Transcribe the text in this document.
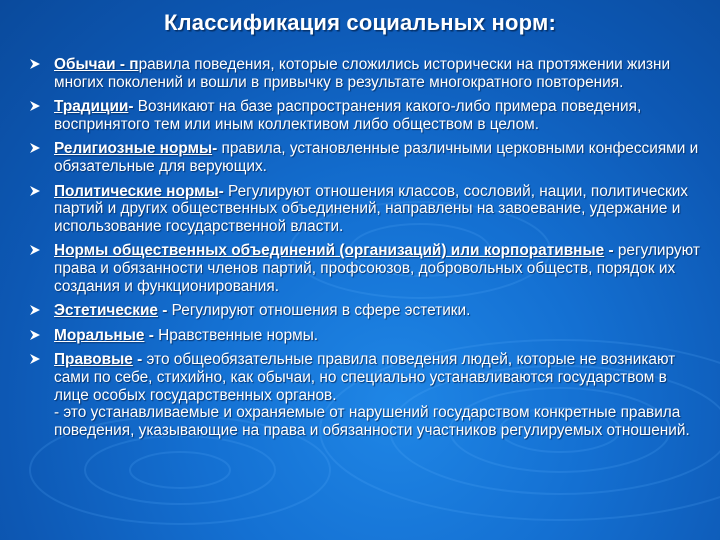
Классификация социальных норм:
Обычаи - правила поведения, которые сложились исторически на протяжении жизни многих поколений и вошли в привычку в результате многократного повторения.
Традиции- Возникают на базе распространения какого-либо примера поведения, воспринятого тем или иным коллективом либо обществом в целом.
Религиозные нормы- правила, установленные различными церковными конфессиями и обязательные для верующих.
Политические нормы- Регулируют отношения классов, сословий, нации, политических партий и других общественных объединений, направлены на завоевание, удержание и использование государственной власти.
Нормы общественных объединений (организаций) или корпоративные - регулируют права и обязанности членов партий, профсоюзов, добровольных обществ, порядок их создания и функционирования.
Эстетические - Регулируют отношения в сфере эстетики.
Моральные - Нравственные нормы.
Правовые - это общеобязательные правила поведения людей, которые не возникают сами по себе, стихийно, как обычаи, но специально устанавливаются государством в лице особых государственных органов.
- это устанавливаемые и охраняемые от нарушений государством конкретные правила поведения, указывающие на права и обязанности участников регулируемых отношений.
